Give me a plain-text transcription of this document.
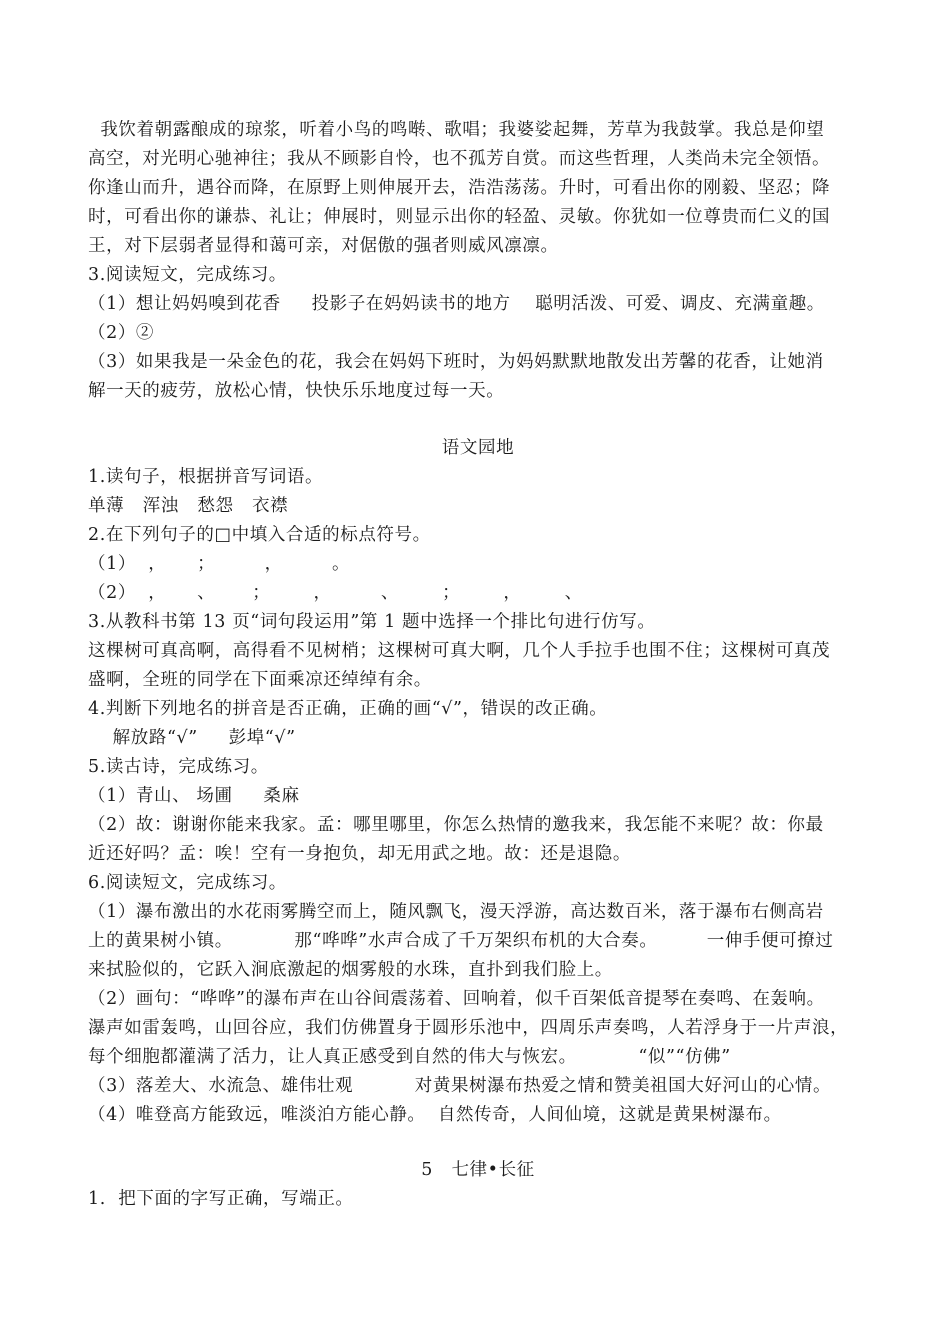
我饮着朝露酿成的琼浆，听着小鸟的鸣啭、歌唱；我婆娑起舞，芳草为我鼓掌。我总是仰望
高空，对光明心驰神往；我从不顾影自怜，也不孤芳自赏。而这些哲理，人类尚未完全领悟。
你逢山而升，遇谷而降，在原野上则伸展开去，浩浩荡荡。升时，可看出你的刚毅、坚忍；降
时，可看出你的谦恭、礼让；伸展时，则显示出你的轻盈、灵敏。你犹如一位尊贵而仁义的国
王，对下层弱者显得和蔼可亲，对倨傲的强者则威风凛凛。
3.阅读短文，完成练习。
（1）想让妈妈嗅到花香     投影子在妈妈读书的地方    聪明活泼、可爱、调皮、充满童趣。
（2）②
（3）如果我是一朵金色的花，我会在妈妈下班时，为妈妈默默地散发出芳馨的花香，让她消
解一天的疲劳，放松心情，快快乐乐地度过每一天。
语文园地
1.读句子，根据拼音写词语。
单薄   浑浊   愁怨   衣襟
2.在下列句子的□中填入合适的标点符号。
（1）  ，     ；        ，        。
（2）  ，     、      ；       ，        、       ；       ，       、
3.从教科书第 13 页“词句段运用”第 1 题中选择一个排比句进行仿写。
这棵树可真高啊，高得看不见树梢；这棵树可真大啊，几个人手拉手也围不住；这棵树可真茂
盛啊，全班的同学在下面乘凉还绰绰有余。
4.判断下列地名的拼音是否正确，正确的画“√”，错误的改正确。
解放路“√”     彭埠“√”
5.读古诗，完成练习。
（1）青山、 场圃     桑麻
（2）故：谢谢你能来我家。孟：哪里哪里，你怎么热情的邀我来，我怎能不来呢？故：你最
近还好吗？孟：唉！空有一身抱负，却无用武之地。故：还是退隐。
6.阅读短文，完成练习。
（1）瀑布激出的水花雨雾腾空而上，随风飘飞，漫天浮游，高达数百米，落于瀑布右侧高岩
上的黄果树小镇。          那“哗哗”水声合成了千万架织布机的大合奏。        一伸手便可撩过
来拭脸似的，它跃入涧底激起的烟雾般的水珠，直扑到我们脸上。
（2）画句：“哗哗”的瀑布声在山谷间震荡着、回响着，似千百架低音提琴在奏鸣、在轰响。
瀑声如雷轰鸣，山回谷应，我们仿佛置身于圆形乐池中，四周乐声奏鸣，人若浮身于一片声浪，
每个细胞都灌满了活力，让人真正感受到自然的伟大与恢宏。          “似”“仿佛”
（3）落差大、水流急、雄伟壮观          对黄果树瀑布热爱之情和赞美祖国大好河山的心情。
（4）唯登高方能致远，唯淡泊方能心静。  自然传奇，人间仙境，这就是黄果树瀑布。
5   七律•长征
1.  把下面的字写正确，写端正。
